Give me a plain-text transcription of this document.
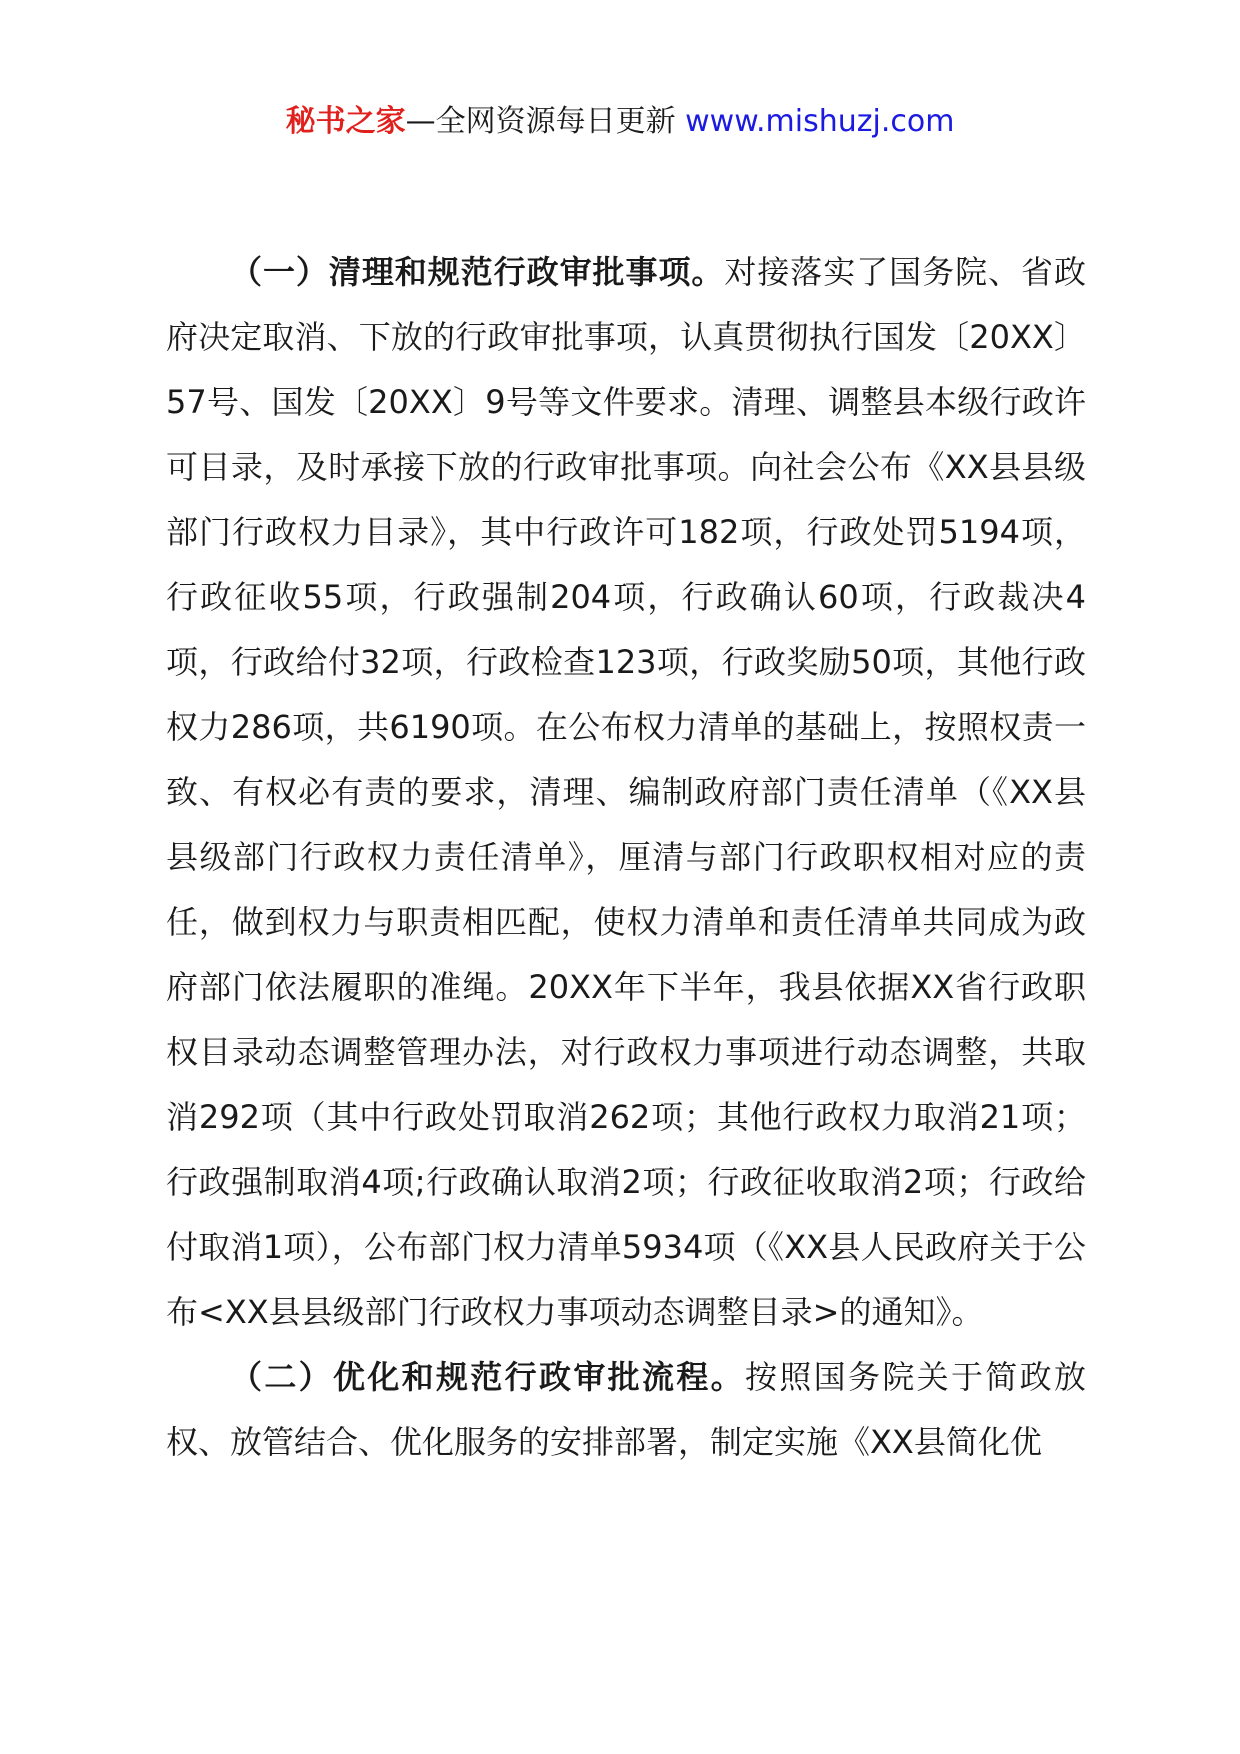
秘书之家—全网资源每日更新 www.mishuzj.com

（一）清理和规范行政审批事项。对接落实了国务院、省政府决定取消、下放的行政审批事项，认真贯彻执行国发〔20XX〕57号、国发〔20XX〕9号等文件要求。清理、调整县本级行政许可目录，及时承接下放的行政审批事项。向社会公布《XX县县级部门行政权力目录》，其中行政许可182项，行政处罚5194项，行政征收55项，行政强制204项，行政确认60项，行政裁决4项，行政给付32项，行政检查123项，行政奖励50项，其他行政权力286项，共6190项。在公布权力清单的基础上，按照权责一致、有权必有责的要求，清理、编制政府部门责任清单（《XX县县级部门行政权力责任清单》，厘清与部门行政职权相对应的责任，做到权力与职责相匹配，使权力清单和责任清单共同成为政府部门依法履职的准绳。20XX年下半年，我县依据XX省行政职权目录动态调整管理办法，对行政权力事项进行动态调整，共取消292项（其中行政处罚取消262项；其他行政权力取消21项；行政强制取消4项;行政确认取消2项；行政征收取消2项；行政给付取消1项），公布部门权力清单5934项（《XX县人民政府关于公布<XX县县级部门行政权力事项动态调整目录>的通知》。

（二）优化和规范行政审批流程。按照国务院关于简政放权、放管结合、优化服务的安排部署，制定实施《XX县简化优
